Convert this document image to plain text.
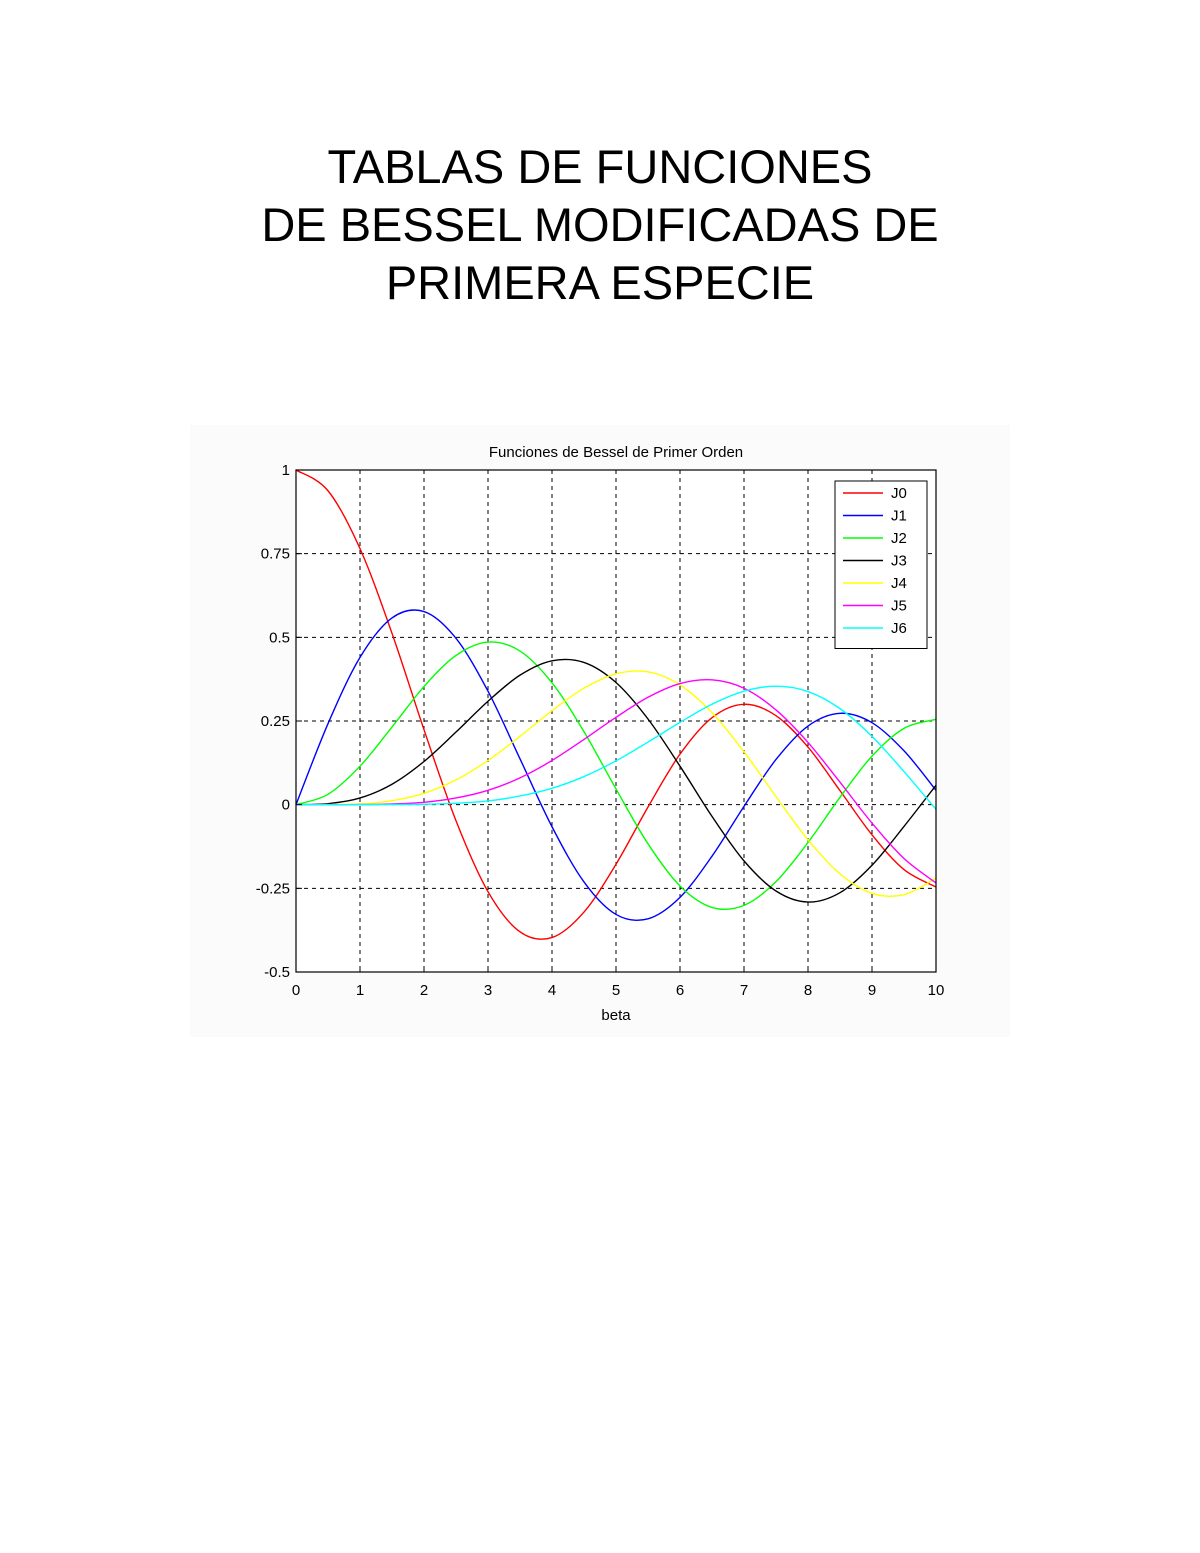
TABLAS DE FUNCIONES
DE BESSEL MODIFICADAS DE
PRIMERA ESPECIE
0	1	2	3	4	5	6	7	8	9	10
-0.5
-0.25
0
0.25
0.5
0.75
1
Funciones de Bessel de Primer Orden
beta
J0
J1
J2
J3
J4
J5
J6
